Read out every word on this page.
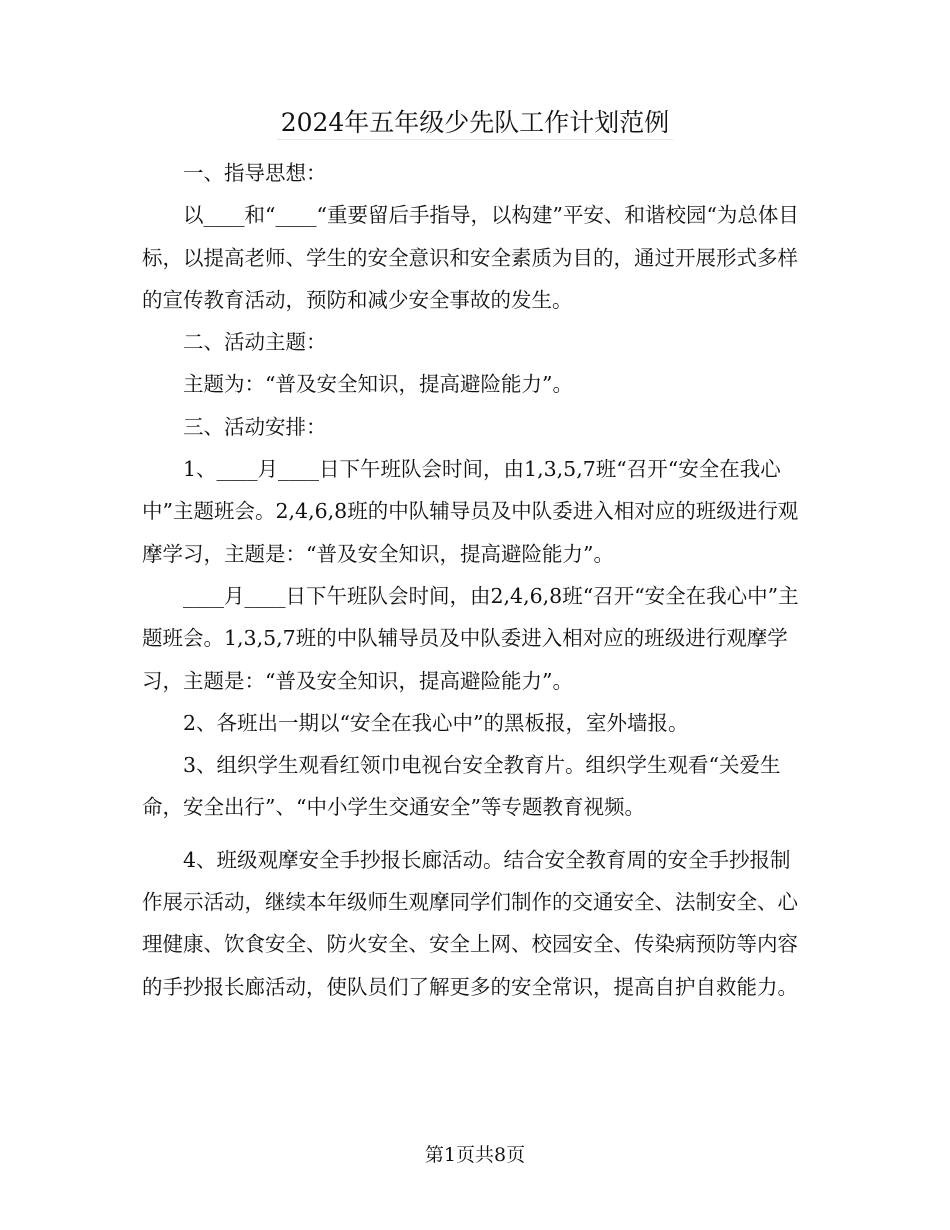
2024年五年级少先队工作计划范例

一、指导思想：

以____和“____“重要留后手指导，以构建”平安、和谐校园“为总体目标，以提高老师、学生的安全意识和安全素质为目的，通过开展形式多样的宣传教育活动，预防和减少安全事故的发生。

二、活动主题：

主题为：“普及安全知识，提高避险能力”。

三、活动安排：

1、____月____日下午班队会时间，由1,3,5,7班“召开“安全在我心中”主题班会。2,4,6,8班的中队辅导员及中队委进入相对应的班级进行观摩学习，主题是：“普及安全知识，提高避险能力”。

____月____日下午班队会时间，由2,4,6,8班“召开“安全在我心中”主题班会。1,3,5,7班的中队辅导员及中队委进入相对应的班级进行观摩学习，主题是：“普及安全知识，提高避险能力”。

2、各班出一期以“安全在我心中”的黑板报，室外墙报。

3、组织学生观看红领巾电视台安全教育片。组织学生观看“关爱生命，安全出行”、“中小学生交通安全”等专题教育视频。

4、班级观摩安全手抄报长廊活动。结合安全教育周的安全手抄报制作展示活动，继续本年级师生观摩同学们制作的交通安全、法制安全、心理健康、饮食安全、防火安全、安全上网、校园安全、传染病预防等内容的手抄报长廊活动，使队员们了解更多的安全常识，提高自护自救能力。

第1页共8页
